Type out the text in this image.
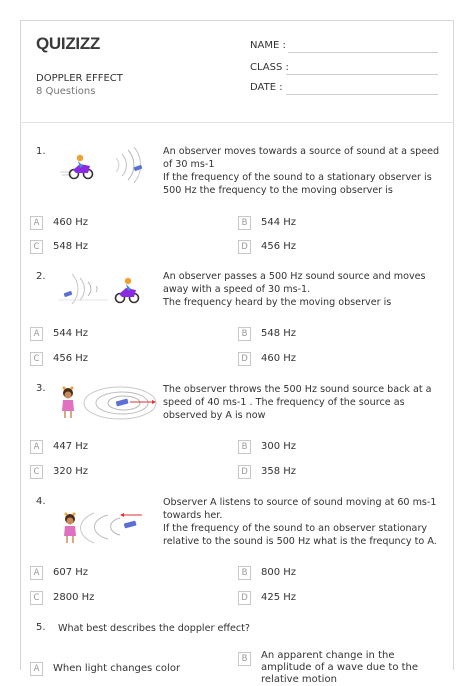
QUIZIZZ
DOPPLER EFFECT
8 Questions
NAME :
CLASS :
DATE :
1.	An observer moves towards a source of sound at a speed of 30 ms-1
If the frequency of the sound to a stationary observer is 500 Hz the frequency to the moving observer is
A	460 Hz	B	544 Hz
C	548 Hz	D	456 Hz
2.	An observer passes a 500 Hz sound source and moves away with a speed of 30 ms-1.
The frequency heard by the moving observer is
A	544 Hz	B	548 Hz
C	456 Hz	D	460 Hz
3.	The observer throws the 500 Hz sound source back at a speed of 40 ms-1 . The frequency of the source as observed by A is now
A	447 Hz	B	300 Hz
C	320 Hz	D	358 Hz
4.	Observer A listens to source of sound moving at 60 ms-1 towards her.
If the frequency of the sound to an observer stationary relative to the sound is 500 Hz what is the frequncy to A.
A	607 Hz	B	800 Hz
C	2800 Hz	D	425 Hz
5. What best describes the doppler effect?
A	When light changes color
B	An apparent change in the amplitude of a wave due to the relative motion
